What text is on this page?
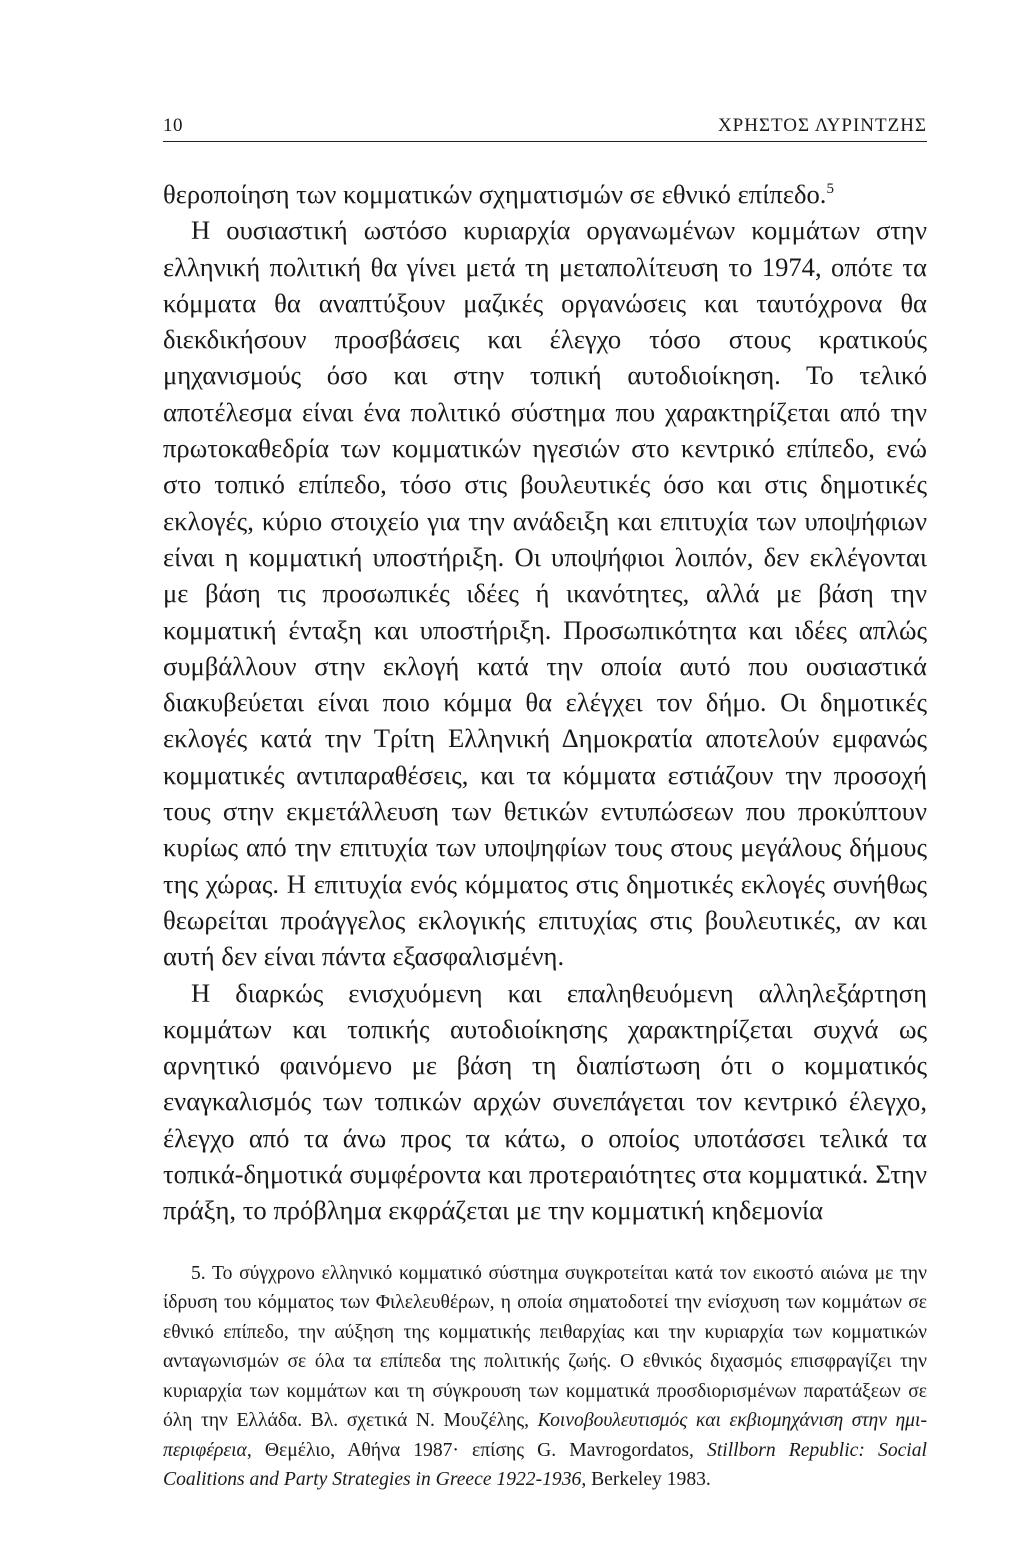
10	ΧΡΗΣΤΟΣ ΛΥΡΙΝΤΖΗΣ

θεροποίηση των κομματικών σχηματισμών σε εθνικό επίπεδο.$^5$

Η ουσιαστική ωστόσο κυριαρχία οργανωμένων κομμάτων στην ελληνική πολιτική θα γίνει μετά τη μεταπολίτευση το 1974, οπότε τα κόμματα θα αναπτύξουν μαζικές οργανώσεις και ταυτόχρονα θα διεκδικήσουν προσβάσεις και έλεγχο τόσο στους κρατικούς μηχανισμούς όσο και στην τοπική αυτοδιοίκηση. Το τελικό αποτέλεσμα είναι ένα πολιτικό σύστημα που χαρακτηρίζεται από την πρωτοκαθεδρία των κομματικών ηγεσιών στο κεντρικό επίπεδο, ενώ στο τοπικό επίπεδο, τόσο στις βουλευτικές όσο και στις δημοτικές εκλογές, κύριο στοιχείο για την ανάδειξη και επιτυχία των υποψήφιων είναι η κομματική υποστήριξη. Οι υποψήφιοι λοιπόν, δεν εκλέγονται με βάση τις προσωπικές ιδέες ή ικανότητες, αλλά με βάση την κομματική ένταξη και υποστήριξη. Προσωπικότητα και ιδέες απλώς συμβάλλουν στην εκλογή κατά την οποία αυτό που ουσιαστικά διακυβεύεται είναι ποιο κόμμα θα ελέγχει τον δήμο. Οι δημοτικές εκλογές κατά την Τρίτη Ελληνική Δημοκρατία αποτελούν εμφανώς κομματικές αντιπαραθέσεις, και τα κόμματα εστιάζουν την προσοχή τους στην εκμετάλλευση των θετικών εντυπώσεων που προκύπτουν κυρίως από την επιτυχία των υποψηφίων τους στους μεγάλους δήμους της χώρας. Η επιτυχία ενός κόμματος στις δημοτικές εκλογές συνήθως θεωρείται προάγγελος εκλογικής επιτυχίας στις βουλευτικές, αν και αυτή δεν είναι πάντα εξασφαλισμένη.

Η διαρκώς ενισχυόμενη και επαληθευόμενη αλληλεξάρτηση κομμάτων και τοπικής αυτοδιοίκησης χαρακτηρίζεται συχνά ως αρνητικό φαινόμενο με βάση τη διαπίστωση ότι ο κομματικός εναγκαλισμός των τοπικών αρχών συνεπάγεται τον κεντρικό έλεγχο, έλεγχο από τα άνω προς τα κάτω, ο οποίος υποτάσσει τελικά τα τοπικά-δημοτικά συμφέροντα και προτεραιότητες στα κομματικά. Στην πράξη, το πρόβλημα εκφράζεται με την κομματική κηδεμονία

5. Το σύγχρονο ελληνικό κομματικό σύστημα συγκροτείται κατά τον εικοστό αιώνα με την ίδρυση του κόμματος των Φιλελευθέρων, η οποία σηματοδοτεί την ενίσχυση των κομμάτων σε εθνικό επίπεδο, την αύξηση της κομματικής πειθαρχίας και την κυριαρχία των κομματικών ανταγωνισμών σε όλα τα επίπεδα της πολιτικής ζωής. Ο εθνικός διχασμός επισφραγίζει την κυριαρχία των κομμάτων και τη σύγκρουση των κομματικά προσδιορισμένων παρατάξεων σε όλη την Ελλάδα. Βλ. σχετικά Ν. Μουζέλης, Κοινοβουλευτισμός και εκβιομηχάνιση στην ημι-περιφέρεια, Θεμέλιο, Αθήνα 1987· επίσης G. Mavrogordatos, Stillborn Republic: Social Coalitions and Party Strategies in Greece 1922-1936, Berkeley 1983.
